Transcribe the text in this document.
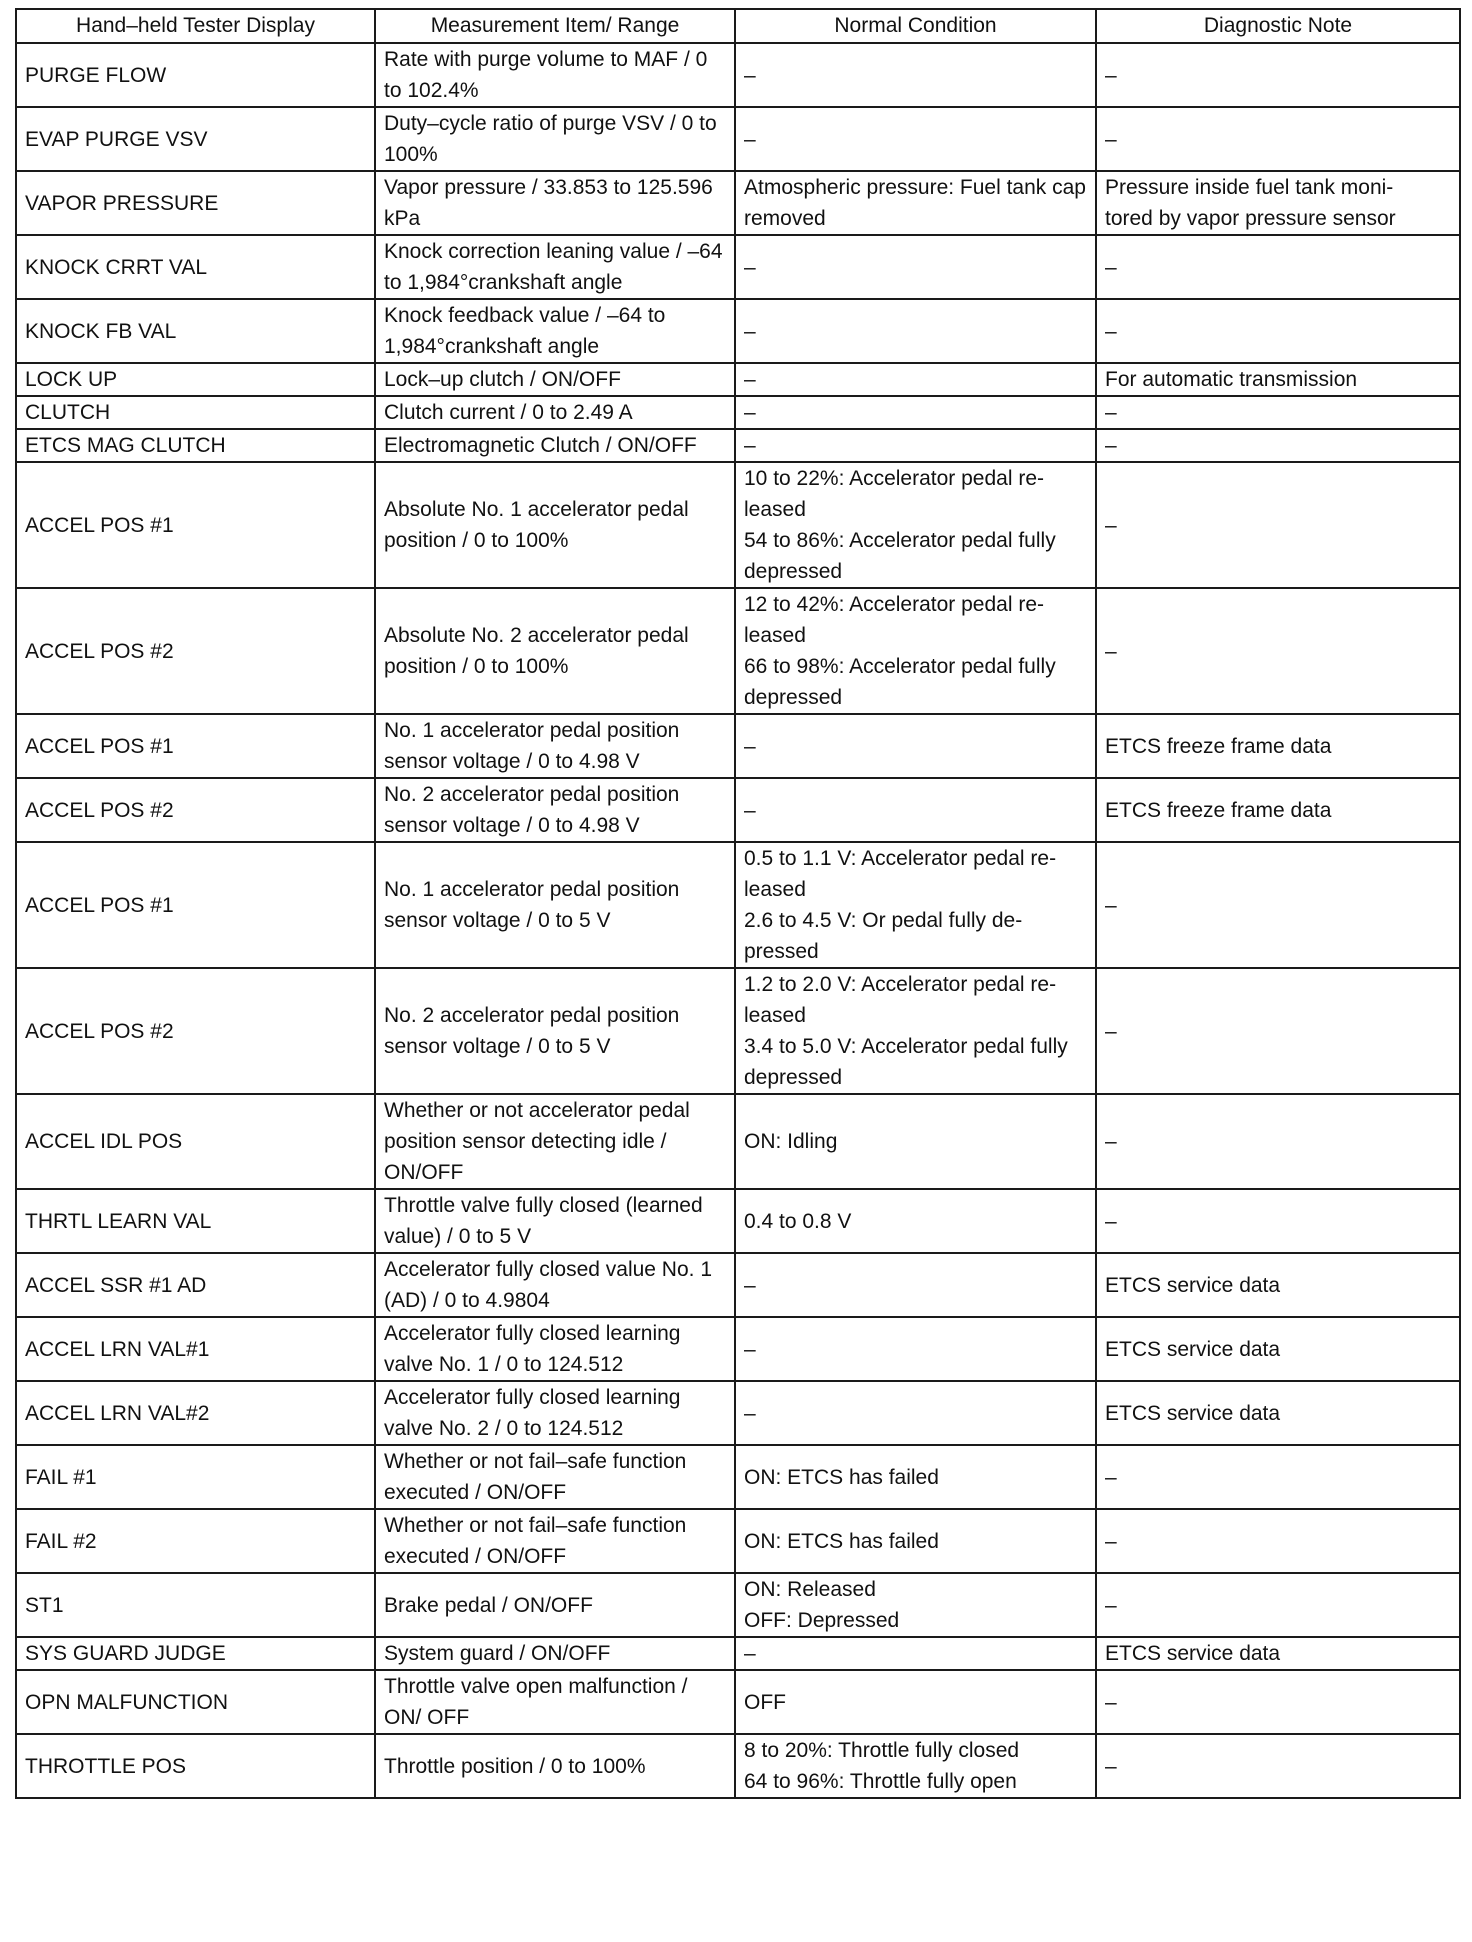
Hand–held Tester Display	Measurement Item/ Range	Normal Condition	Diagnostic Note
PURGE FLOW	Rate with purge volume to MAF / 0 to 102.4%	–	–
EVAP PURGE VSV	Duty–cycle ratio of purge VSV / 0 to 100%	–	–
VAPOR PRESSURE	Vapor pressure / 33.853 to 125.596 kPa	Atmospheric pressure: Fuel tank cap removed	Pressure inside fuel tank moni-
tored by vapor pressure sensor
KNOCK CRRT VAL	Knock correction leaning value / –64 to 1,984°crankshaft angle	–	–
KNOCK FB VAL	Knock feedback value / –64 to 1,984°crankshaft angle	–	–
LOCK UP	Lock–up clutch / ON/OFF	–	For automatic transmission
CLUTCH	Clutch current / 0 to 2.49 A	–	–
ETCS MAG CLUTCH	Electromagnetic Clutch / ON/OFF	–	–
ACCEL POS #1	Absolute No. 1 accelerator pedal position / 0 to 100%	10 to 22%: Accelerator pedal re-
leased
54 to 86%: Accelerator pedal fully depressed	–
ACCEL POS #2	Absolute No. 2 accelerator pedal position / 0 to 100%	12 to 42%: Accelerator pedal re-
leased
66 to 98%: Accelerator pedal fully depressed	–
ACCEL POS #1	No. 1 accelerator pedal position sensor voltage / 0 to 4.98 V	–	ETCS freeze frame data
ACCEL POS #2	No. 2 accelerator pedal position sensor voltage / 0 to 4.98 V	–	ETCS freeze frame data
ACCEL POS #1	No. 1 accelerator pedal position sensor voltage / 0 to 5 V	0.5 to 1.1 V: Accelerator pedal re-
leased
2.6 to 4.5 V: Or pedal fully de-
pressed	–
ACCEL POS #2	No. 2 accelerator pedal position sensor voltage / 0 to 5 V	1.2 to 2.0 V: Accelerator pedal re-
leased
3.4 to 5.0 V: Accelerator pedal fully depressed	–
ACCEL IDL POS	Whether or not accelerator pedal position sensor detecting idle / ON/OFF	ON: Idling	–
THRTL LEARN VAL	Throttle valve fully closed (learned value) / 0 to 5 V	0.4 to 0.8 V	–
ACCEL SSR #1 AD	Accelerator fully closed value No. 1 (AD) / 0 to 4.9804	–	ETCS service data
ACCEL LRN VAL#1	Accelerator fully closed learning valve No. 1 / 0 to 124.512	–	ETCS service data
ACCEL LRN VAL#2	Accelerator fully closed learning valve No. 2 / 0 to 124.512	–	ETCS service data
FAIL #1	Whether or not fail–safe function executed / ON/OFF	ON: ETCS has failed	–
FAIL #2	Whether or not fail–safe function executed / ON/OFF	ON: ETCS has failed	–
ST1	Brake pedal / ON/OFF	ON: Released
OFF: Depressed	–
SYS GUARD JUDGE	System guard / ON/OFF	–	ETCS service data
OPN MALFUNCTION	Throttle valve open malfunction / ON/ OFF	OFF	–
THROTTLE POS	Throttle position / 0 to 100%	8 to 20%: Throttle fully closed
64 to 96%: Throttle fully open	–
